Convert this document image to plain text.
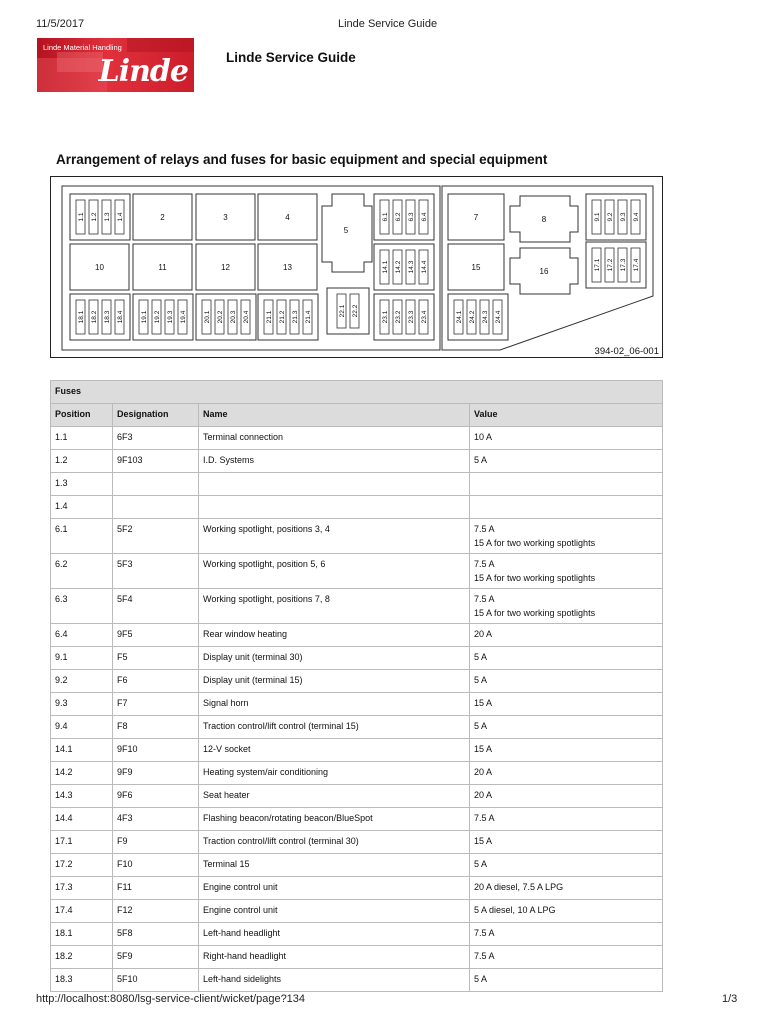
11/5/2017	Linde Service Guide
Linde Material Handling
Linde	Linde Service Guide
Arrangement of relays and fuses for basic equipment and special equipment
1.1 1.2 1.3 1.4	2	3	4
10	11	12	13
18.1 18.2 18.3 18.4	19.1 19.2 19.3 19.4	20.1 20.2 20.3 20.4 21.1 21.2 21.3 21.4
5
22.1 22.2
6.1 6.2 6.3 6.4
14.1 14.2 14.3 14.4
23.1 23.2 23.3 23.4
7
15
8
16
9.1 9.2 9.3 9.4
17.1 17.2 17.3 17.4
24.1 24.2 24.3 24.4
394-02_06-001
Fuses			
Position	Designation	Name	Value

1.1	6F3	Terminal connection	10 A

1.2	9F103	I.D. Systems	5 A

1.3			

1.4			

6.1	5F2	Working spotlight, positions 3, 4	7.5 A
15 A for two working spotlights

6.2	5F3	Working spotlight, position 5, 6	7.5 A
15 A for two working spotlights

6.3	5F4	Working spotlight, positions 7, 8	7.5 A
15 A for two working spotlights

6.4	9F5	Rear window heating	20 A

9.1	F5	Display unit (terminal 30)	5 A

9.2	F6	Display unit (terminal 15)	5 A

9.3	F7	Signal horn	15 A

9.4	F8	Traction control/lift control (terminal 15)	5 A

14.1	9F10	12-V socket	15 A

14.2	9F9	Heating system/air conditioning	20 A

14.3	9F6	Seat heater	20 A

14.4	4F3	Flashing beacon/rotating beacon/BlueSpot	7.5 A

17.1	F9	Traction control/lift control (terminal 30)	15 A

17.2	F10	Terminal 15	5 A

17.3	F11	Engine control unit	20 A diesel, 7.5 A LPG

17.4	F12	Engine control unit	5 A diesel, 10 A LPG

18.1	5F8	Left-hand headlight	7.5 A

18.2	5F9	Right-hand headlight	7.5 A

18.3	5F10	Left-hand sidelights	5 A
http://localhost:8080/lsg-service-client/wicket/page?134	1/3
